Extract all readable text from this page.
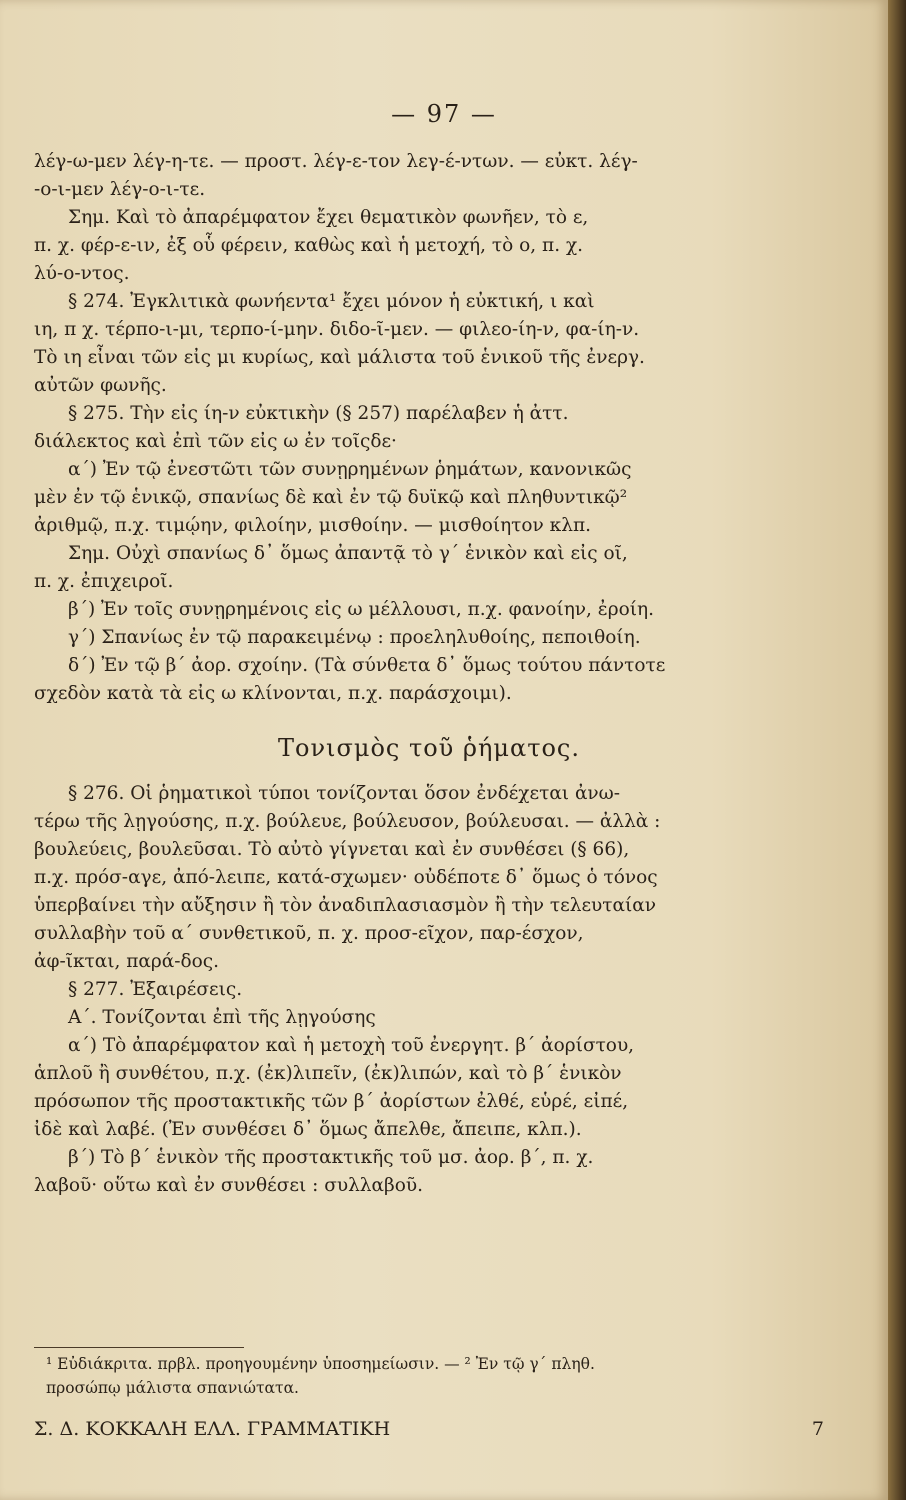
— 97 —

λέγ-ω-μεν λέγ-η-τε. — προστ. λέγ-ε-τον λεγ-έ-ντων. — εὐκτ. λέγ-

-ο-ι-μεν λέγ-ο-ι-τε.

Σημ. Καὶ τὸ ἀπαρέμφατον ἔχει θεματικὸν φωνῆεν, τὸ ε,

π. χ. φέρ-ε-ιν, ἐξ οὗ φέρειν, καθὼς καὶ ἡ μετοχή, τὸ ο, π. χ.

λύ-ο-ντος.

§ 274. Ἐγκλιτικὰ φωνήεντα¹ ἔχει μόνον ἡ εὐκτική, ι καὶ

ιη, π χ. τέρπο-ι-μι, τερπο-ί-μην. διδο-ῖ-μεν. — φιλεο-ίη-ν, φα-ίη-ν.

Τὸ ιη εἶναι τῶν εἰς μι κυρίως, καὶ μάλιστα τοῦ ἑνικοῦ τῆς ἐνεργ.

αὐτῶν φωνῆς.

§ 275. Τὴν εἰς ίη-ν εὐκτικὴν (§ 257) παρέλαβεν ἡ ἀττ.

διάλεκτος καὶ ἐπὶ τῶν εἰς ω ἐν τοῖςδε·

α΄) Ἐν τῷ ἐνεστῶτι τῶν συνῃρημένων ῥημάτων, κανονικῶς

μὲν ἐν τῷ ἑνικῷ, σπανίως δὲ καὶ ἐν τῷ δυϊκῷ καὶ πληθυντικῷ²

ἀριθμῷ, π.χ. τιμῴην, φιλοίην, μισθοίην. — μισθοίητον κλπ.

Σημ. Οὐχὶ σπανίως δ᾽ ὅμως ἀπαντᾷ τὸ γ΄ ἑνικὸν καὶ εἰς οῖ,

π. χ. ἐπιχειροῖ.

β΄) Ἐν τοῖς συνῃρημένοις εἰς ω μέλλουσι, π.χ. φανοίην, ἐροίη.

γ΄) Σπανίως ἐν τῷ παρακειμένῳ : προεληλυθοίης, πεποιθοίη.

δ΄) Ἐν τῷ β΄ ἀορ. σχοίην. (Τὰ σύνθετα δ᾽ ὅμως τούτου πάντοτε

σχεδὸν κατὰ τὰ εἰς ω κλίνονται, π.χ. παράσχοιμι).

Τονισμὸς τοῦ ῥήματος.

§ 276. Οἱ ῥηματικοὶ τύποι τονίζονται ὅσον ἐνδέχεται ἀνω-

τέρω τῆς λῃγούσης, π.χ. βούλευε, βούλευσον, βούλευσαι. — ἀλλὰ :

βουλεύεις, βουλεῦσαι. Τὸ αὐτὸ γίγνεται καὶ ἐν συνθέσει (§ 66),

π.χ. πρόσ-αγε, ἀπό-λειπε, κατά-σχωμεν· οὐδέποτε δ᾽ ὅμως ὁ τόνος

ὑπερβαίνει τὴν αὔξησιν ἢ τὸν ἀναδιπλασιασμὸν ἢ τὴν τελευταίαν

συλλαβὴν τοῦ α΄ συνθετικοῦ, π. χ. προσ-εῖχον, παρ-έσχον,

ἀφ-ῖκται, παρά-δος.

§ 277. Ἐξαιρέσεις.

Α΄. Τονίζονται ἐπὶ τῆς λῃγούσης

α΄) Τὸ ἀπαρέμφατον καὶ ἡ μετοχὴ τοῦ ἐνεργητ. β΄ ἀορίστου,

ἁπλοῦ ἢ συνθέτου, π.χ. (ἐκ)λιπεῖν, (ἐκ)λιπών, καὶ τὸ β΄ ἑνικὸν

πρόσωπον τῆς προστακτικῆς τῶν β΄ ἀορίστων ἐλθέ, εὑρέ, εἰπέ,

ἰδὲ καὶ λαβέ. (Ἐν συνθέσει δ᾽ ὅμως ἄπελθε, ἄπειπε, κλπ.).

β΄) Τὸ β΄ ἑνικὸν τῆς προστακτικῆς τοῦ μσ. ἀορ. β΄, π. χ.

λαβοῦ· οὕτω καὶ ἐν συνθέσει : συλλαβοῦ.

¹ Εὐδιάκριτα. πρβλ. προηγουμένην ὑποσημείωσιν. — ² Ἐν τῷ γ΄ πληθ.
προσώπῳ μάλιστα σπανιώτατα.
Σ. Δ. ΚΟΚΚΑΛΗ ΕΛΛ. ΓΡΑΜΜΑΤΙΚΗ	7
